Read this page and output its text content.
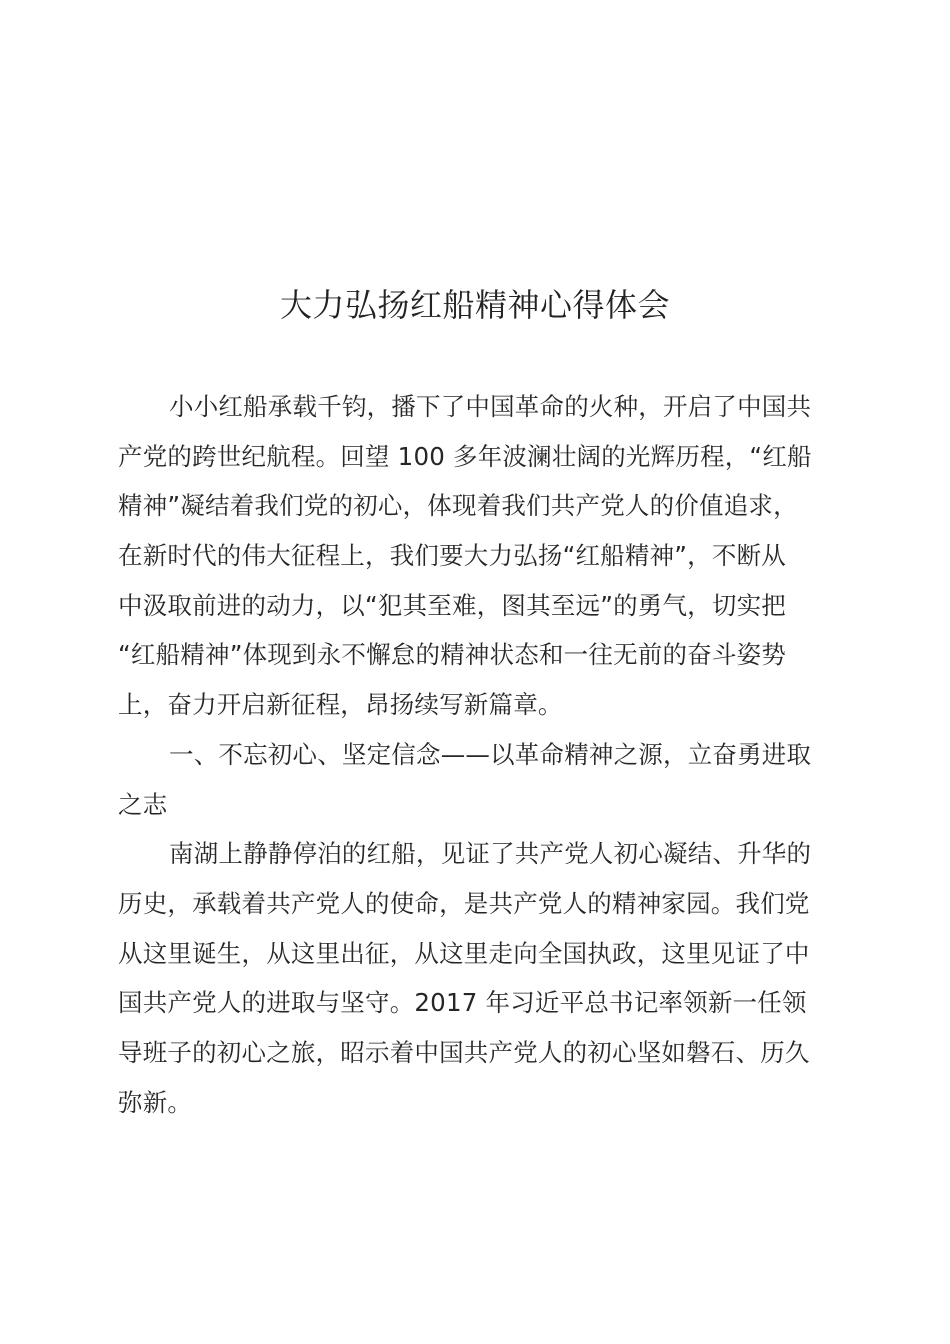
大力弘扬红船精神心得体会
小小红船承载千钧，播下了中国革命的火种，开启了中国共
产党的跨世纪航程。回望 100 多年波澜壮阔的光辉历程，“红船
精神”凝结着我们党的初心，体现着我们共产党人的价值追求，
在新时代的伟大征程上，我们要大力弘扬“红船精神”，不断从
中汲取前进的动力，以“犯其至难，图其至远”的勇气，切实把
“红船精神”体现到永不懈怠的精神状态和一往无前的奋斗姿势
上，奋力开启新征程，昂扬续写新篇章。
一、不忘初心、坚定信念——以革命精神之源，立奋勇进取
之志
南湖上静静停泊的红船，见证了共产党人初心凝结、升华的
历史，承载着共产党人的使命，是共产党人的精神家园。我们党
从这里诞生，从这里出征，从这里走向全国执政，这里见证了中
国共产党人的进取与坚守。2017 年习近平总书记率领新一任领
导班子的初心之旅，昭示着中国共产党人的初心坚如磐石、历久
弥新。
